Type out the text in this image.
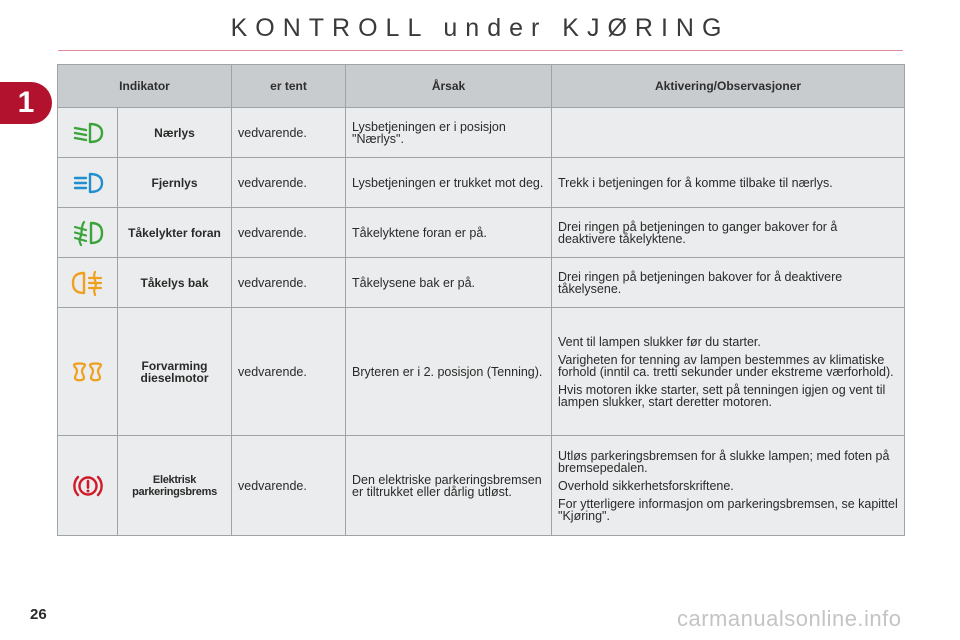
KONTROLL under KJØRING
1	Indikator		er tent	Årsak	Aktivering/Observasjoner
	Nærlys	vedvarende.	Lysbetjeningen er i posisjon "Nærlys".	
	Fjernlys	vedvarende.	Lysbetjeningen er trukket mot deg.	Trekk i betjeningen for å komme tilbake til nærlys.

	Tåkelykter foran	vedvarende.	Tåkelyktene foran er på.	Drei ringen på betjeningen to ganger bakover for å deaktivere tåkelyktene.

	Tåkelys bak	vedvarende.	Tåkelysene bak er på.	Drei ringen på betjeningen bakover for å deaktivere tåkelysene.

	Forvarming dieselmotor	vedvarende.	Bryteren er i 2. posisjon (Tenning).	Vent til lampen slukker før du starter.

Varigheten for tenning av lampen bestemmes av klimatiske forhold (inntil ca. tretti sekunder under ekstreme værforhold).

Hvis motoren ikke starter, sett på tenningen igjen og vent til lampen slukker, start deretter motoren.

	Elektrisk parkeringsbrems	vedvarende.	Den elektriske parkeringsbremsen er tiltrukket eller dårlig utløst.	Utløs parkeringsbremsen for å slukke lampen; med foten på bremsepedalen.

Overhold sikkerhetsforskriftene.

For ytterligere informasjon om parkeringsbremsen, se kapittel "Kjøring".

26	carmanualsonline.info
